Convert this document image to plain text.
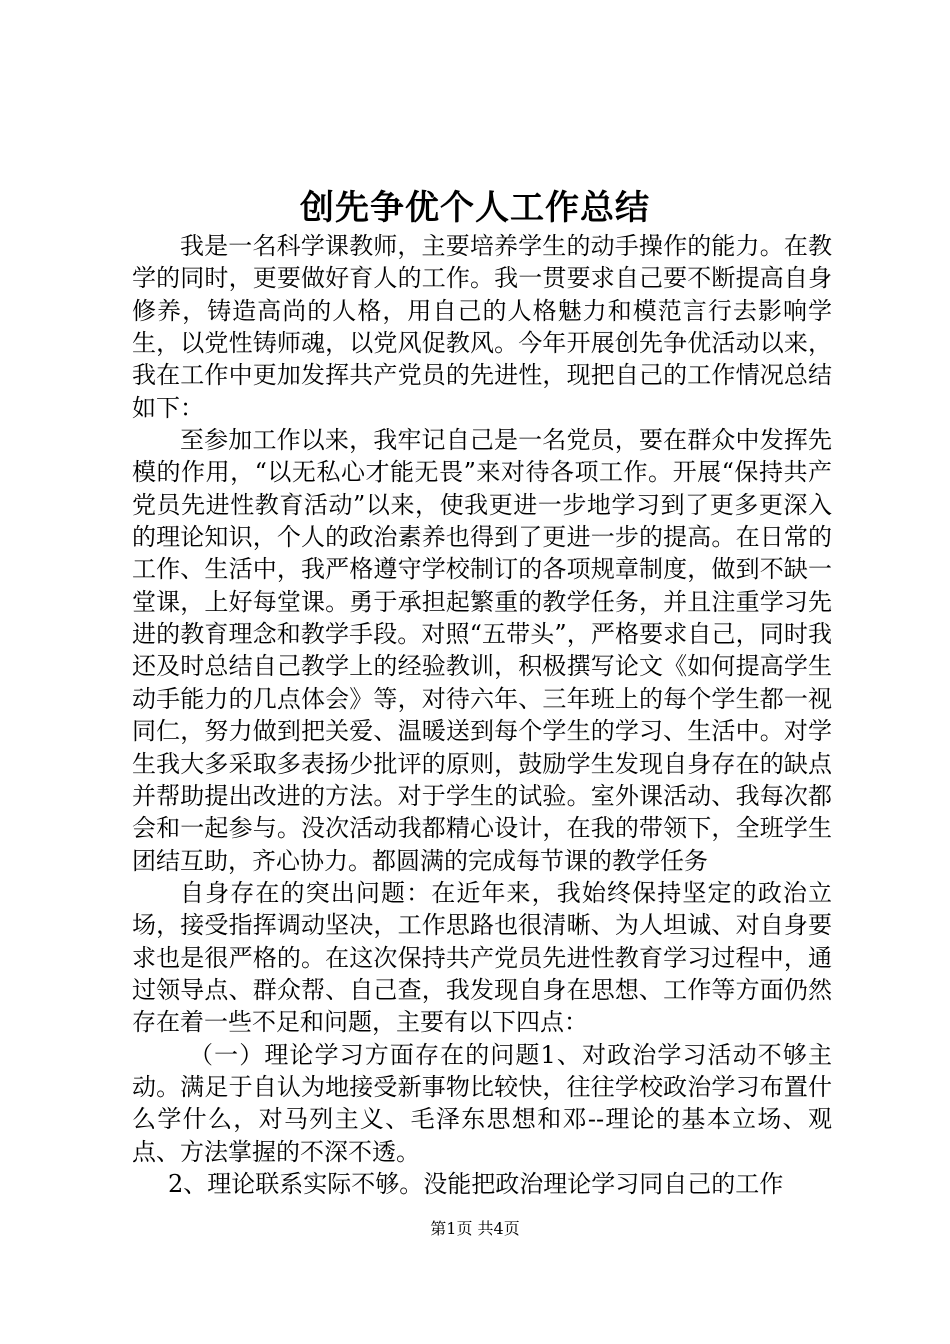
创先争优个人工作总结

我是一名科学课教师，主要培养学生的动手操作的能力。在教学的同时，更要做好育人的工作。我一贯要求自己要不断提高自身修养，铸造高尚的人格，用自己的人格魅力和模范言行去影响学生，以党性铸师魂，以党风促教风。今年开展创先争优活动以来，我在工作中更加发挥共产党员的先进性，现把自己的工作情况总结如下：

至参加工作以来，我牢记自己是一名党员，要在群众中发挥先模的作用，“以无私心才能无畏”来对待各项工作。开展“保持共产党员先进性教育活动”以来，使我更进一步地学习到了更多更深入的理论知识，个人的政治素养也得到了更进一步的提高。在日常的工作、生活中，我严格遵守学校制订的各项规章制度，做到不缺一堂课，上好每堂课。勇于承担起繁重的教学任务，并且注重学习先进的教育理念和教学手段。对照“五带头”，严格要求自己，同时我还及时总结自己教学上的经验教训，积极撰写论文《如何提高学生动手能力的几点体会》等，对待六年、三年班上的每个学生都一视同仁，努力做到把关爱、温暖送到每个学生的学习、生活中。对学生我大多采取多表扬少批评的原则，鼓励学生发现自身存在的缺点并帮助提出改进的方法。对于学生的试验。室外课活动、我每次都会和一起参与。没次活动我都精心设计，在我的带领下，全班学生团结互助，齐心协力。都圆满的完成每节课的教学任务

自身存在的突出问题：在近年来，我始终保持坚定的政治立场，接受指挥调动坚决，工作思路也很清晰、为人坦诚、对自身要求也是很严格的。在这次保持共产党员先进性教育学习过程中，通过领导点、群众帮、自己查，我发现自身在思想、工作等方面仍然存在着一些不足和问题，主要有以下四点：

（一）理论学习方面存在的问题1、对政治学习活动不够主动。满足于自认为地接受新事物比较快，往往学校政治学习布置什么学什么，对马列主义、毛泽东思想和邓--理论的基本立场、观点、方法掌握的不深不透。

2、理论联系实际不够。没能把政治理论学习同自己的工作

第1页 共4页
